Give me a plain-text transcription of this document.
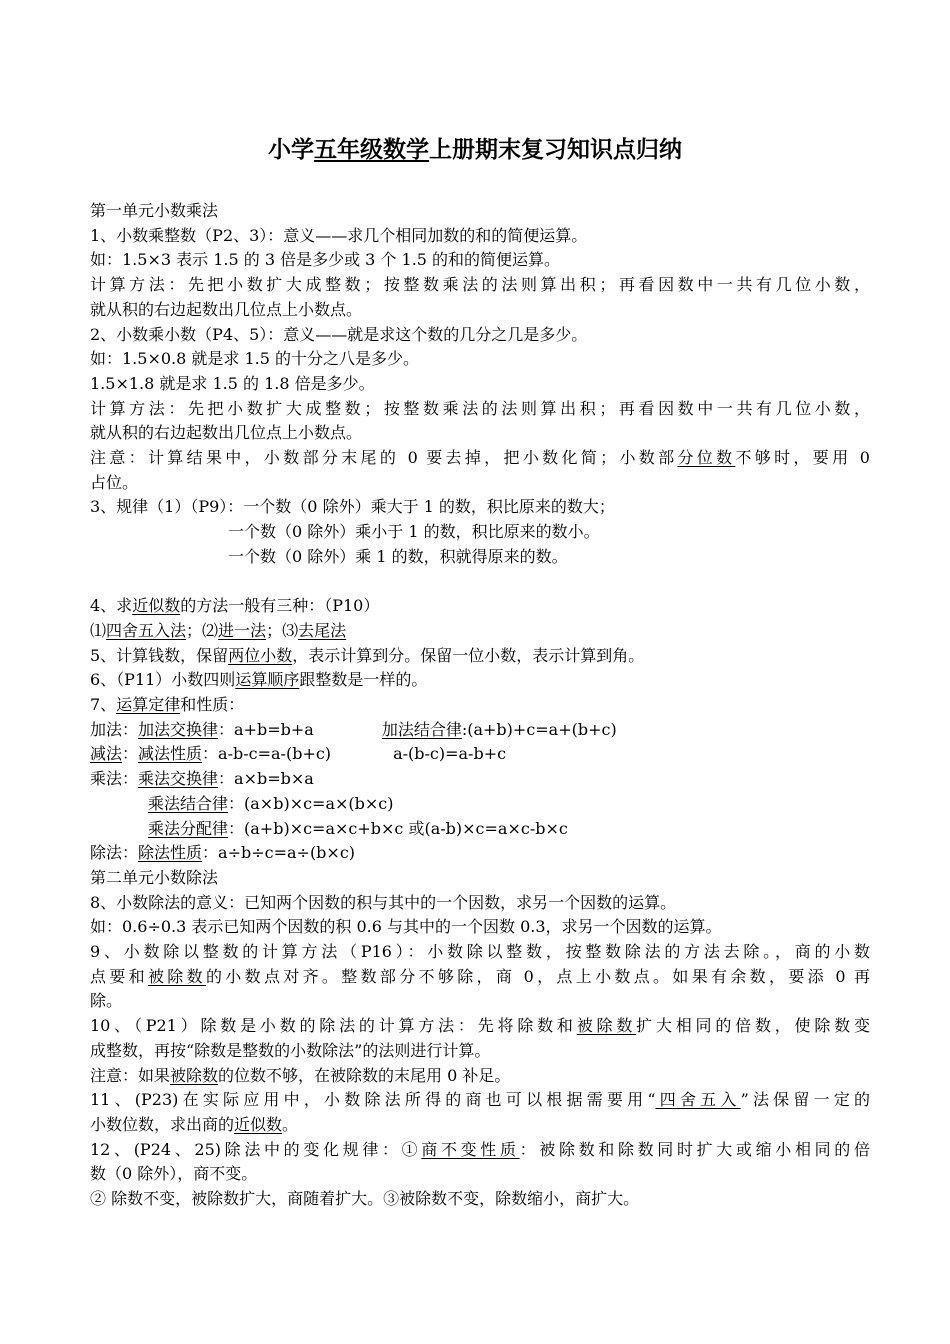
小学五年级数学上册期末复习知识点归纳
第一单元小数乘法
1、小数乘整数（P2、3）：意义——求几个相同加数的和的简便运算。
如：1.5×3 表示 1.5 的 3 倍是多少或 3 个 1.5 的和的简便运算。
计算方法：先把小数扩大成整数；按整数乘法的法则算出积；再看因数中一共有几位小数，
就从积的右边起数出几位点上小数点。
2、小数乘小数（P4、5）：意义——就是求这个数的几分之几是多少。
如：1.5×0.8 就是求 1.5 的十分之八是多少。
1.5×1.8 就是求 1.5 的 1.8 倍是多少。
计算方法：先把小数扩大成整数；按整数乘法的法则算出积；再看因数中一共有几位小数，
就从积的右边起数出几位点上小数点。
注意：计算结果中，小数部分末尾的 0 要去掉，把小数化简；小数部分位数不够时，要用 0
占位。
3、规律（1）（P9）：一个数（0 除外）乘大于 1 的数，积比原来的数大；
一个数（0 除外）乘小于 1 的数，积比原来的数小。
一个数（0 除外）乘 1 的数，积就得原来的数。
4、求近似数的方法一般有三种：（P10）
⑴四舍五入法；⑵进一法；⑶去尾法
5、计算钱数，保留两位小数，表示计算到分。保留一位小数，表示计算到角。
6、（P11）小数四则运算顺序跟整数是一样的。
7、运算定律和性质：
加法：加法交换律：a+b=b+a	加法结合律:(a+b)+c=a+(b+c)
减法：减法性质：a-b-c=a-(b+c)	a-(b-c)=a-b+c
乘法：乘法交换律：a×b=b×a
乘法结合律：(a×b)×c=a×(b×c)
乘法分配律：(a+b)×c=a×c+b×c 或(a-b)×c=a×c-b×c
除法：除法性质：a÷b÷c=a÷(b×c)
第二单元小数除法
8、小数除法的意义：已知两个因数的积与其中的一个因数，求另一个因数的运算。
如：0.6÷0.3 表示已知两个因数的积 0.6 与其中的一个因数 0.3，求另一个因数的运算。
9、小数除以整数的计算方法（P16）：小数除以整数，按整数除法的方法去除。，商的小数
点要和被除数的小数点对齐。整数部分不够除，商 0，点上小数点。如果有余数，要添 0 再
除。
10、（P21）除数是小数的除法的计算方法：先将除数和被除数扩大相同的倍数，使除数变
成整数，再按“除数是整数的小数除法”的法则进行计算。
注意：如果被除数的位数不够，在被除数的末尾用 0 补足。
11、(P23)在实际应用中，小数除法所得的商也可以根据需要用“四舍五入”法保留一定的
小数位数，求出商的近似数。
12、(P24、25)除法中的变化规律：①商不变性质：被除数和除数同时扩大或缩小相同的倍
数（0 除外），商不变。
② 除数不变，被除数扩大，商随着扩大。③被除数不变，除数缩小，商扩大。
